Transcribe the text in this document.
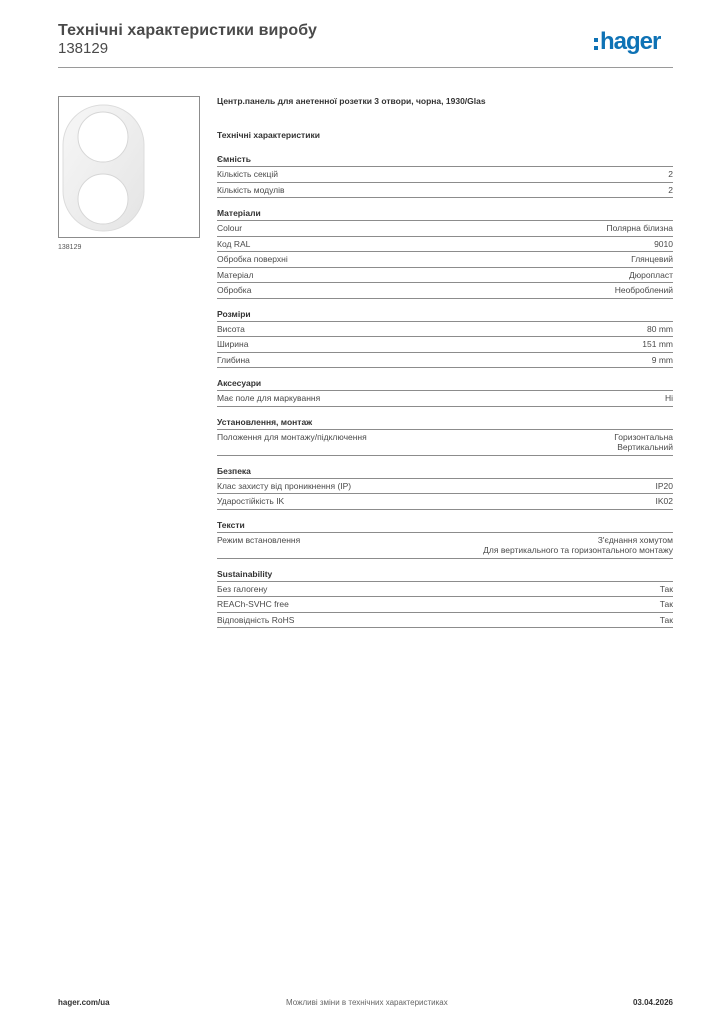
Технічні характеристики виробу
138129	hager
138129
Центр.панель для анетенної розетки 3 отвори, чорна, 1930/Glas
Технічні характеристики
Ємність
Кількість секцій	2
Кількість модулів	2
Матеріали
Colour	Полярна білизна
Код RAL	9010
Обробка поверхні	Глянцевий
Матеріал	Дюропласт
Обробка	Необроблений
Розміри
Висота	80 mm
Ширина	151 mm
Глибина	9 mm
Аксесуари
Має поле для маркування	Ні
Установлення, монтаж
Положення для монтажу/підключення	Горизонтальна
Вертикальний
Безпека
Клас захисту від проникнення (IP)	IP20
Ударостійкість IK	IK02
Тексти
Режим встановлення	З'єднання хомутом
Для вертикального та горизонтального монтажу
Sustainability
Без галогену	Так
REACh-SVHC free	Так
Відповідність RoHS	Так
hager.com/ua	Можливі зміни в технічних характеристиках	03.04.2026
